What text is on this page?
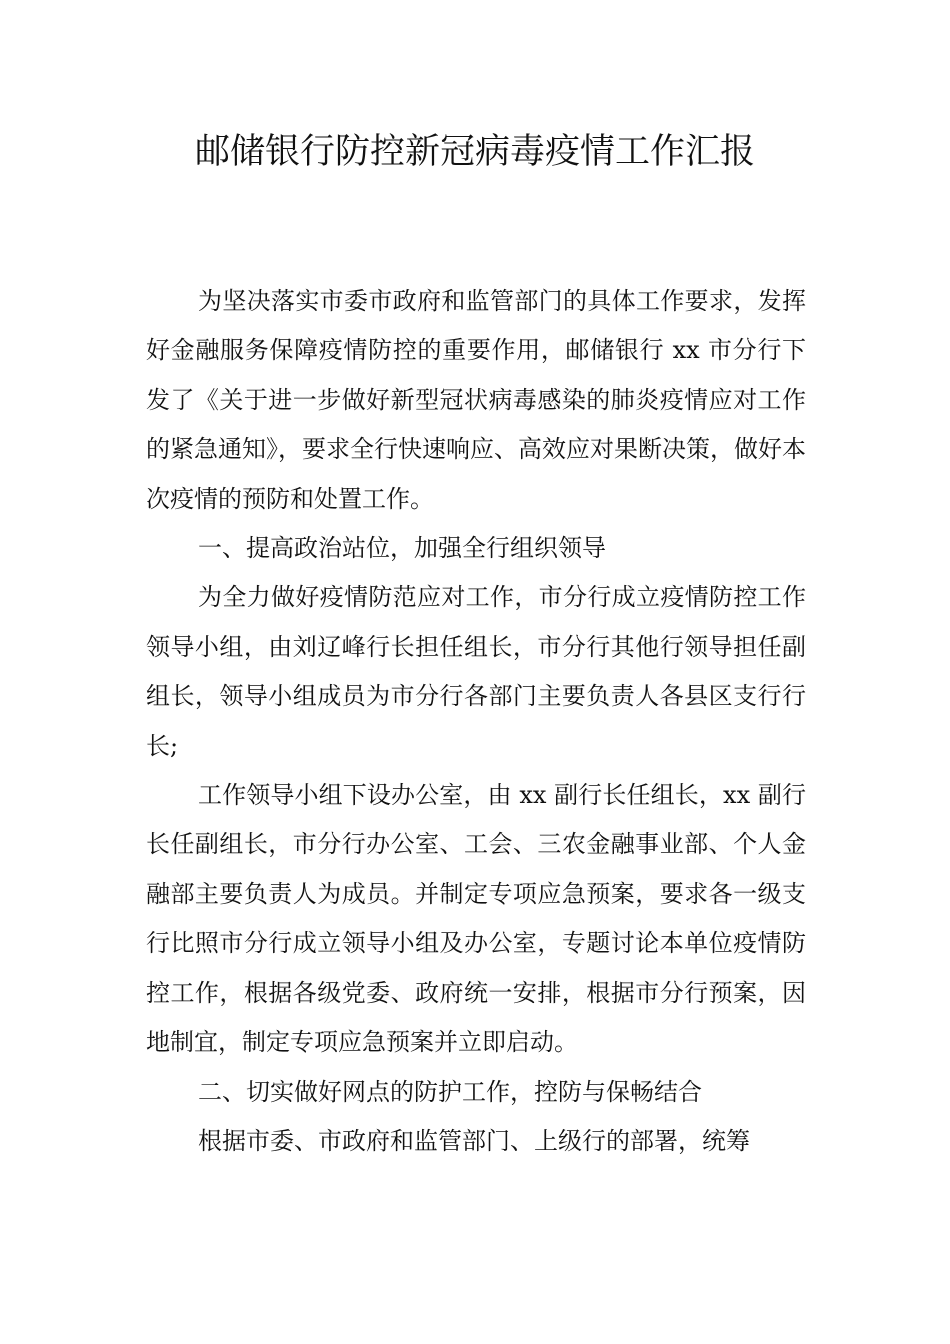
邮储银行防控新冠病毒疫情工作汇报

为坚决落实市委市政府和监管部门的具体工作要求，发挥好金融服务保障疫情防控的重要作用，邮储银行 xx 市分行下发了《关于进一步做好新型冠状病毒感染的肺炎疫情应对工作的紧急通知》，要求全行快速响应、高效应对果断决策，做好本次疫情的预防和处置工作。

一、提高政治站位，加强全行组织领导

为全力做好疫情防范应对工作，市分行成立疫情防控工作领导小组，由刘辽峰行长担任组长，市分行其他行领导担任副组长，领导小组成员为市分行各部门主要负责人各县区支行行长;

工作领导小组下设办公室，由 xx 副行长任组长，xx 副行长任副组长，市分行办公室、工会、三农金融事业部、个人金融部主要负责人为成员。并制定专项应急预案，要求各一级支行比照市分行成立领导小组及办公室，专题讨论本单位疫情防控工作，根据各级党委、政府统一安排，根据市分行预案，因地制宜，制定专项应急预案并立即启动。

二、切实做好网点的防护工作，控防与保畅结合

根据市委、市政府和监管部门、上级行的部署，统筹
